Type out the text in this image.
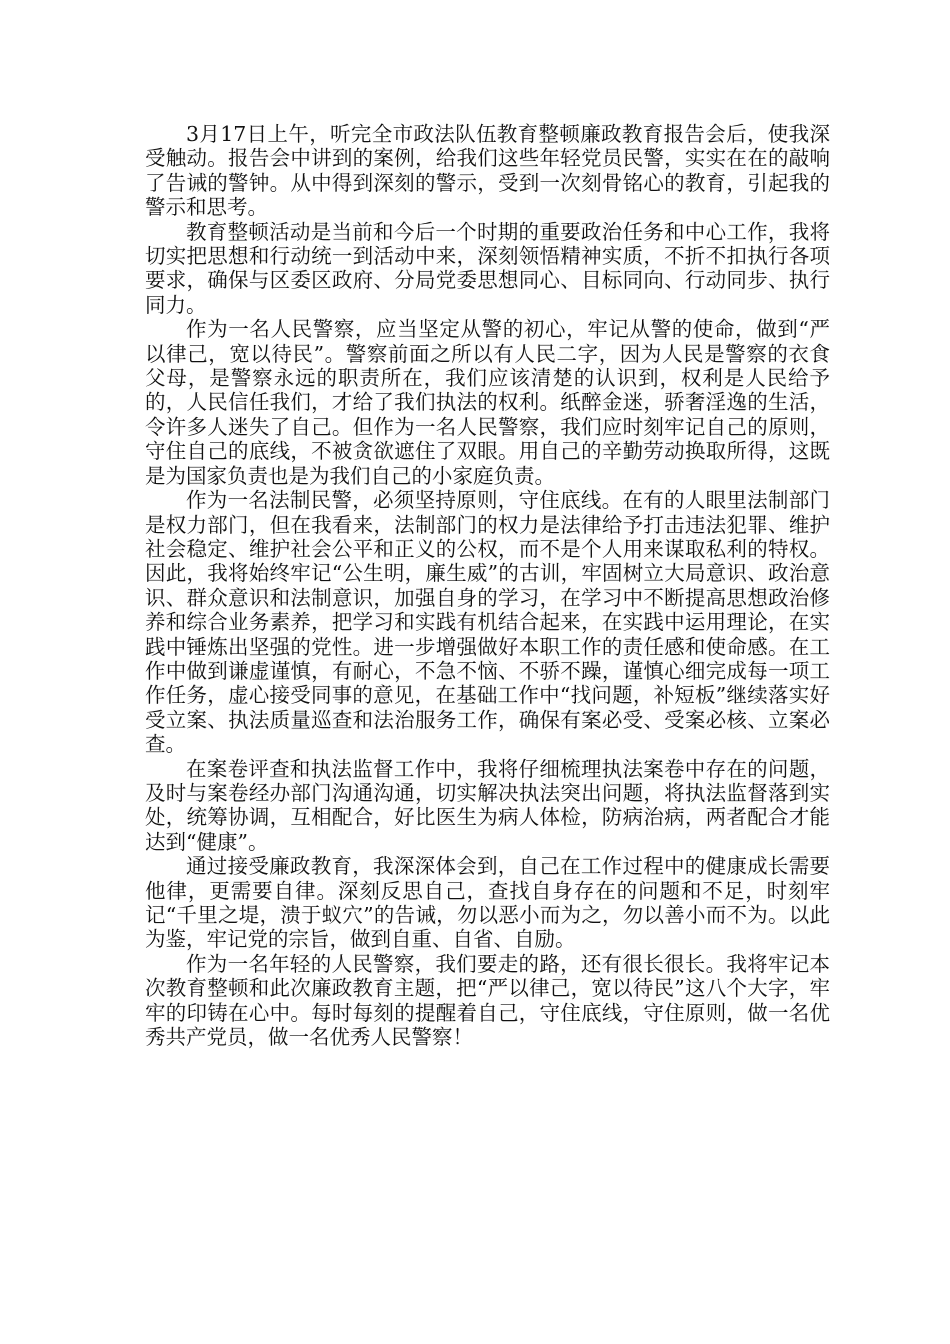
3月17日上午，听完全市政法队伍教育整顿廉政教育报告会后，使我深受触动。报告会中讲到的案例，给我们这些年轻党员民警，实实在在的敲响了告诫的警钟。从中得到深刻的警示，受到一次刻骨铭心的教育，引起我的警示和思考。

教育整顿活动是当前和今后一个时期的重要政治任务和中心工作，我将切实把思想和行动统一到活动中来，深刻领悟精神实质，不折不扣执行各项要求，确保与区委区政府、分局党委思想同心、目标同向、行动同步、执行同力。

作为一名人民警察，应当坚定从警的初心，牢记从警的使命，做到“严以律己，宽以待民”。警察前面之所以有人民二字，因为人民是警察的衣食父母，是警察永远的职责所在，我们应该清楚的认识到，权利是人民给予的，人民信任我们，才给了我们执法的权利。纸醉金迷，骄奢淫逸的生活，令许多人迷失了自己。但作为一名人民警察，我们应时刻牢记自己的原则，守住自己的底线，不被贪欲遮住了双眼。用自己的辛勤劳动换取所得，这既是为国家负责也是为我们自己的小家庭负责。

作为一名法制民警，必须坚持原则，守住底线。在有的人眼里法制部门是权力部门，但在我看来，法制部门的权力是法律给予打击违法犯罪、维护社会稳定、维护社会公平和正义的公权，而不是个人用来谋取私利的特权。因此，我将始终牢记“公生明，廉生威”的古训，牢固树立大局意识、政治意识、群众意识和法制意识，加强自身的学习，在学习中不断提高思想政治修养和综合业务素养，把学习和实践有机结合起来，在实践中运用理论，在实践中锤炼出坚强的党性。进一步增强做好本职工作的责任感和使命感。在工作中做到谦虚谨慎，有耐心，不急不恼、不骄不躁，谨慎心细完成每一项工作任务，虚心接受同事的意见，在基础工作中“找问题，补短板”继续落实好受立案、执法质量巡查和法治服务工作，确保有案必受、受案必核、立案必查。

在案卷评查和执法监督工作中，我将仔细梳理执法案卷中存在的问题，及时与案卷经办部门沟通沟通，切实解决执法突出问题，将执法监督落到实处，统筹协调，互相配合，好比医生为病人体检，防病治病，两者配合才能达到“健康”。

通过接受廉政教育，我深深体会到，自己在工作过程中的健康成长需要他律，更需要自律。深刻反思自己，查找自身存在的问题和不足，时刻牢记“千里之堤，溃于蚁穴”的告诫，勿以恶小而为之，勿以善小而不为。以此为鉴，牢记党的宗旨，做到自重、自省、自励。

作为一名年轻的人民警察，我们要走的路，还有很长很长。我将牢记本次教育整顿和此次廉政教育主题，把“严以律己，宽以待民”这八个大字，牢牢的印铸在心中。每时每刻的提醒着自己，守住底线，守住原则，做一名优秀共产党员，做一名优秀人民警察！
